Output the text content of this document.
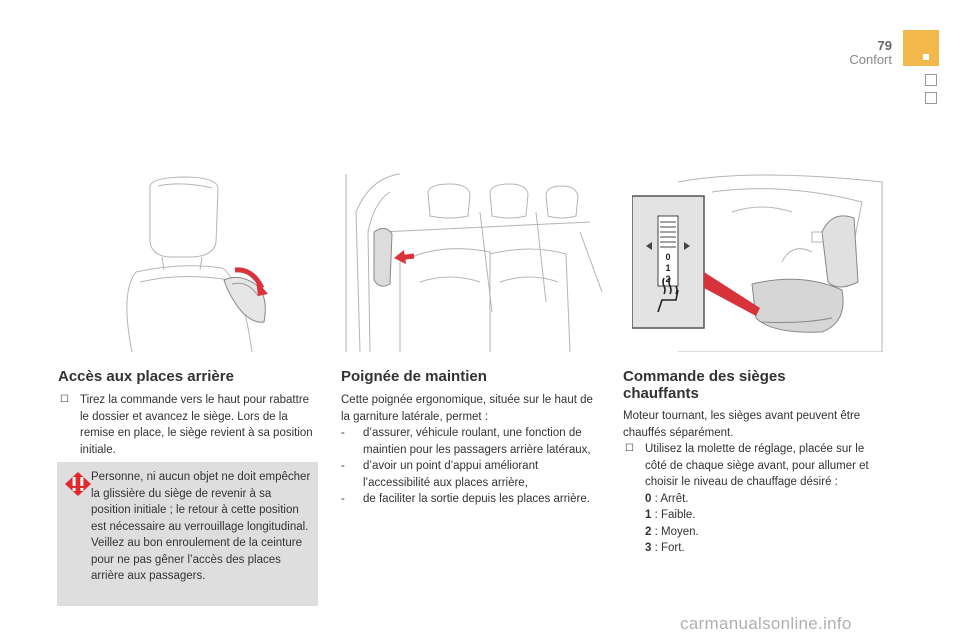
79
Confort
0
1
2
Accès aux places arrière

☐ Tirez la commande vers le haut pour rabattre le dossier et avancez le siège. Lors de la remise en place, le siège revient à sa position initiale.

Personne, ni aucun objet ne doit empêcher la glissière du siège de revenir à sa position initiale ; le retour à cette position est nécessaire au verrouillage longitudinal. Veillez au bon enroulement de la ceinture pour ne pas gêner l’accès des places arrière aux passagers.
Poignée de maintien

Cette poignée ergonomique, située sur le haut de la garniture latérale, permet :

- d’assurer, véhicule roulant, une fonction de maintien pour les passagers arrière latéraux,

- d’avoir un point d’appui améliorant l’accessibilité aux places arrière,

- de faciliter la sortie depuis les places arrière.

Commande des sièges chauffants

Moteur tournant, les sièges avant peuvent être chauffés séparément.

☐ Utilisez la molette de réglage, placée sur le côté de chaque siège avant, pour allumer et choisir le niveau de chauffage désiré :

0 : Arrêt.

1 : Faible.

2 : Moyen.

3 : Fort.

carmanualsonline.info
